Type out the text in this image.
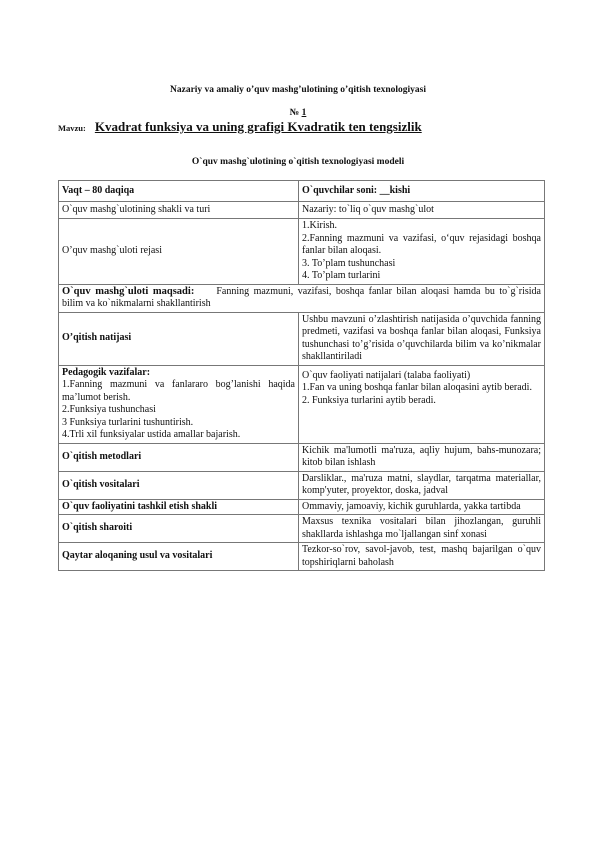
Nazariy va amaliy o’quv mashg’ulotining o’qitish texnologiyasi
№ 1
Mavzu: Kvadrat funksiya va uning grafigi Kvadratik ten tengsizlik
O`quv mashg`ulotining o`qitish texnologiyasi modeli
Vaqt – 80 daqiqa	O`quvchilar soni: __kishi
O`quv mashg`ulotining shakli va turi	Nazariy: to`liq o`quv mashg`ulot
O’quv mashg`uloti rejasi	1.Kirish.
2.Fanning mazmuni va vazifasi, o‘quv rejasidagi boshqa fanlar bilan aloqasi.
3. To’plam tushunchasi
4. To’plam turlarini

O`quv mashg`uloti maqsadi: Fanning mazmuni, vazifasi, boshqa fanlar bilan aloqasi hamda bu to`g`risida bilim va ko`nikmalarni shakllantirish	
O’qitish natijasi	Ushbu mavzuni o’zlashtirish natijasida o’quvchida fanning predmeti, vazifasi va boshqa fanlar bilan aloqasi, Funksiya tushunchasi to’g’risida o’quvchilarda bilim va ko’nikmalar shakllantiriladi

Pedagogik vazifalar:
1.Fanning mazmuni va fanlararo bog’lanishi haqida ma’lumot berish.
2.Funksiya tushunchasi
3 Funksiya turlarini tushuntirish.
4.Trli xil funksiyalar ustida amallar bajarish.	O`quv faoliyati natijalari (talaba faoliyati)
1.Fan va uning boshqa fanlar bilan aloqasini aytib beradi.
2. Funksiya turlarini aytib beradi.

O`qitish metodlari	Kichik ma'lumotli ma'ruza, aqliy hujum, bahs-munozara; kitob bilan ishlash
O`qitish vositalari	Darsliklar., ma'ruza matni, slaydlar, tarqatma materiallar, komp'yuter, proyektor, doska, jadval
O`quv faoliyatini tashkil etish shakli	Ommaviy, jamoaviy, kichik guruhlarda, yakka tartibda
O`qitish sharoiti	Maxsus texnika vositalari bilan jihozlangan, guruhli shakllarda ishlashga mo`ljallangan sinf xonasi
Qaytar aloqaning usul va vositalari	Tezkor-so`rov, savol-javob, test, mashq bajarilgan o`quv topshiriqlarni baholash
